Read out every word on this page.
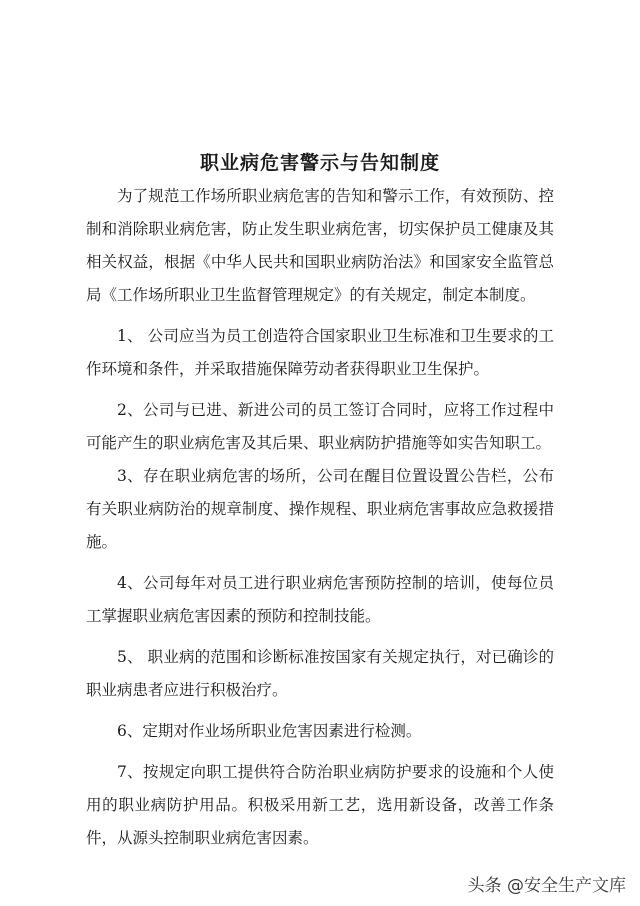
职业病危害警示与告知制度

为了规范工作场所职业病危害的告知和警示工作，有效预防、控制和消除职业病危害，防止发生职业病危害，切实保护员工健康及其相关权益，根据《中华人民共和国职业病防治法》和国家安全监管总局《工作场所职业卫生监督管理规定》的有关规定，制定本制度。

1、 公司应当为员工创造符合国家职业卫生标准和卫生要求的工作环境和条件，并采取措施保障劳动者获得职业卫生保护。

2、公司与已进、新进公司的员工签订合同时，应将工作过程中可能产生的职业病危害及其后果、职业病防护措施等如实告知职工。

3、存在职业病危害的场所，公司在醒目位置设置公告栏，公布有关职业病防治的规章制度、操作规程、职业病危害事故应急救援措施。

4、公司每年对员工进行职业病危害预防控制的培训，使每位员工掌握职业病危害因素的预防和控制技能。

5、 职业病的范围和诊断标准按国家有关规定执行，对已确诊的职业病患者应进行积极治疗。

6、定期对作业场所职业危害因素进行检测。

7、按规定向职工提供符合防治职业病防护要求的设施和个人使用的职业病防护用品。积极采用新工艺，选用新设备，改善工作条件，从源头控制职业病危害因素。

头条 @安全生产文库
